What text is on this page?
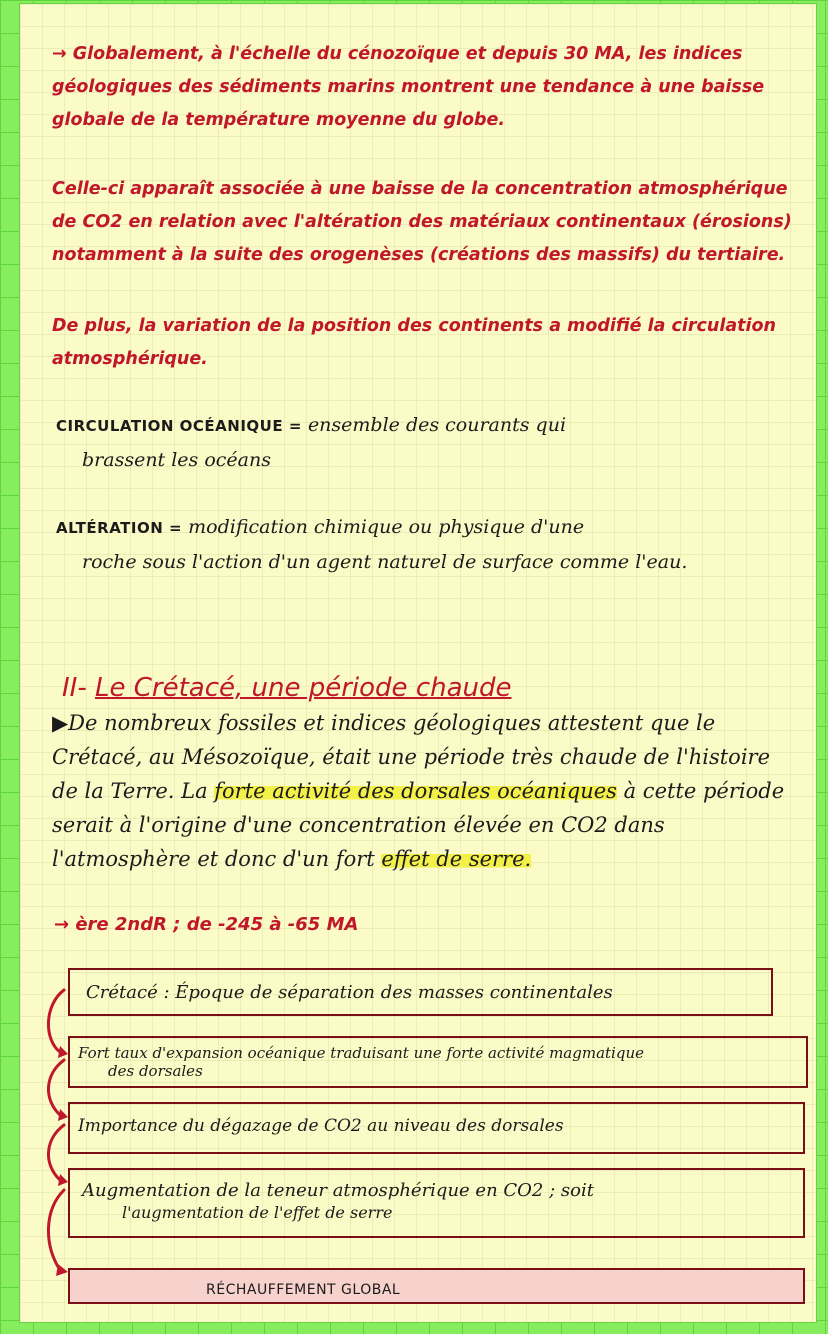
→ Globalement, à l'échelle du cénozoïque et depuis 30 MA, les indices géologiques des sédiments marins montrent une tendance à une baisse globale de la température moyenne du globe.
Celle-ci apparaît associée à une baisse de la concentration atmosphérique de CO2 en relation avec l'altération des matériaux continentaux (érosions) notamment à la suite des orogenèses (créations des massifs) du tertiaire.
De plus, la variation de la position des continents a modifié la circulation atmosphérique.
CIRCULATION OCÉANIQUE = ensemble des courants qui
brassent les océans
ALTÉRATION = modification chimique ou physique d'une
roche sous l'action d'un agent naturel de surface comme l'eau.
II- Le Crétacé, une période chaude
▶De nombreux fossiles et indices géologiques attestent que le Crétacé, au Mésozoïque, était une période très chaude de l'histoire de la Terre. La forte activité des dorsales océaniques à cette période serait à l'origine d'une concentration élevée en CO2 dans l'atmosphère et donc d'un fort effet de serre.
→ ère 2ndR ; de -245 à -65 MA
Crétacé : Époque de séparation des masses continentales
Fort taux d'expansion océanique traduisant une forte activité magmatique
des dorsales
Importance du dégazage de CO2 au niveau des dorsales
Augmentation de la teneur atmosphérique en CO2 ; soit
l'augmentation de l'effet de serre
RÉCHAUFFEMENT GLOBAL
